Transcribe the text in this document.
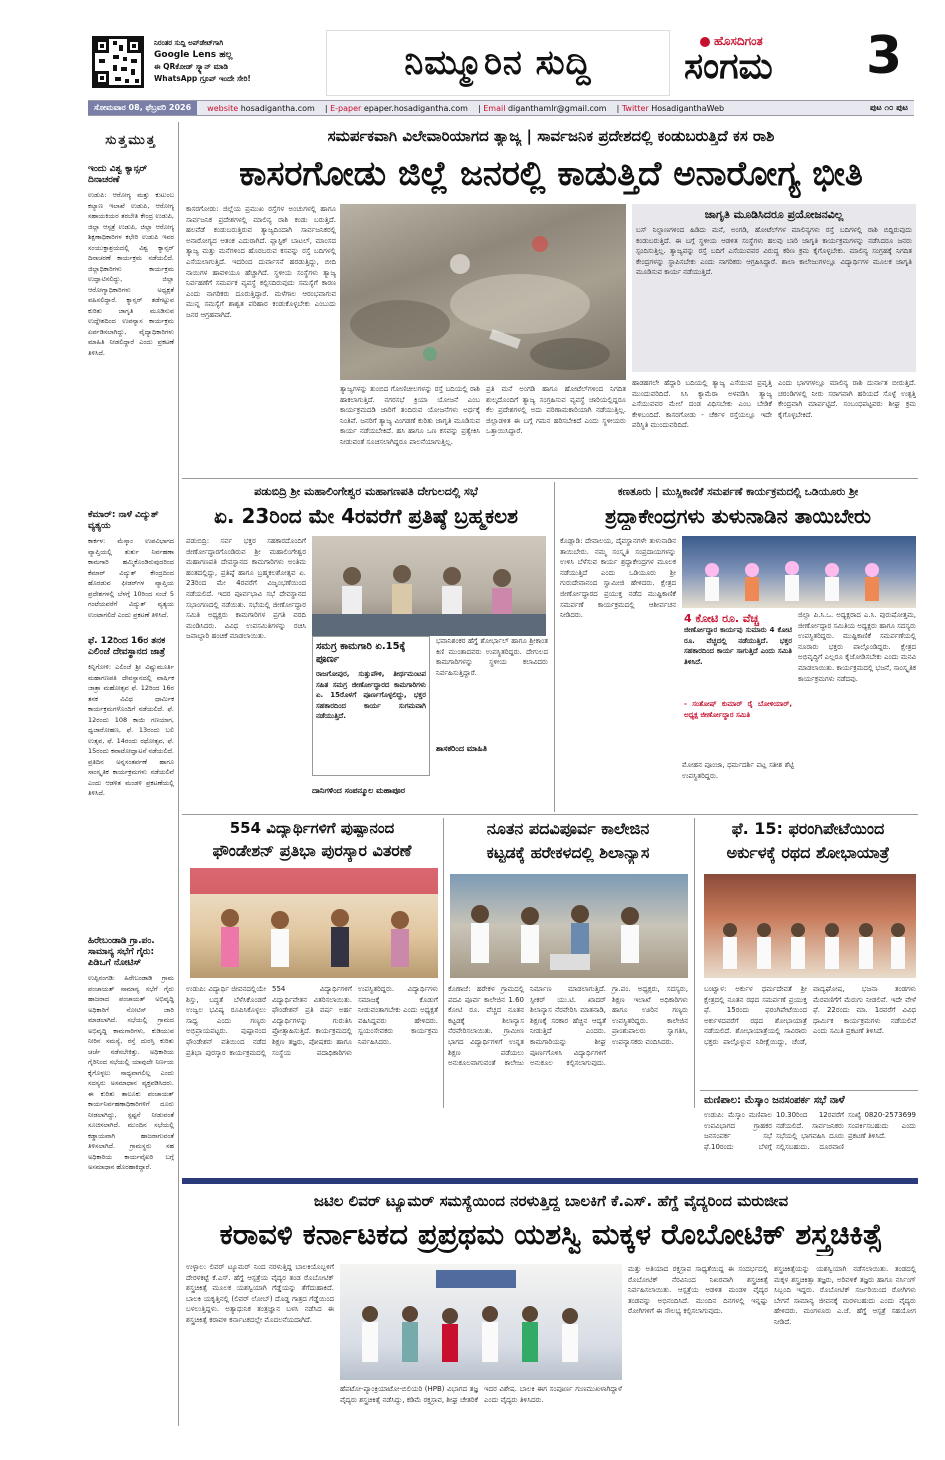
ನಿರಂತರ ಸುದ್ದಿ ಅಪ್‌ಡೇಟ್‌ಗಾಗಿ
Google Lens ಹಲ್ಲ
ಈ QRಕೋಡ್ ಸ್ಕ್ಯಾನ್ ಮಾಡಿ
WhatsApp ಗ್ರೂಪ್ ಇಂದೇ ಸೇರಿ!	ನಿಮ್ಮೂರಿನ ಸುದ್ದಿ
ಹೊಸದಿಗಂತ
ಸಂಗಮ 3
ಸೋಮವಾರ 08, ಫೆಬ್ರವರಿ 2026	website hosadigantha.com	| E-paper epaper.hosadigantha.com	| Email diganthamlr@gmail.com	| Twitter HosadiganthaWeb	ಪುಟ ೧೦ ಪುಟ
ಸುತ್ತಮುತ್ತ
ಇಂದು ವಿಶ್ವ ಕ್ಯಾನ್ಸರ್ ದಿನಾಚರಣೆ
ಉಡುಪಿ: ಆರೋಗ್ಯ ಮತ್ತು ಕುಟುಂಬ ಕಲ್ಯಾಣ ಇಲಾಖೆ ಉಡುಪಿ, ಆರೋಗ್ಯ ಸಹಾಯಕಿಯರ ತರಬೇತಿ ಕೇಂದ್ರ ಉಡುಪಿ, ಜಿಲ್ಲಾ ಆಸ್ಪತ್ರೆ ಉಡುಪಿ, ಜಿಲ್ಲಾ ಆರೋಗ್ಯ ಶಿಕ್ಷಣಾಧಿಕಾರಿಗಳ ಕಛೇರಿ ಉಡುಪಿ ಇವರ ಸಂಯುಕ್ತಾಶ್ರಯದಲ್ಲಿ ವಿಶ್ವ ಕ್ಯಾನ್ಸರ್ ದಿನಾಚರಣೆ ಕಾರ್ಯಕ್ರಮ ನಡೆಯಲಿದೆ. ಜಿಲ್ಲಾಧಿಕಾರಿಗಳು ಕಾರ್ಯಕ್ರಮ ಉದ್ಘಾಟಿಸಲಿದ್ದು, ಜಿಲ್ಲಾ ಆರೋಗ್ಯಾಧಿಕಾರಿಗಳು ಅಧ್ಯಕ್ಷತೆ ವಹಿಸಲಿದ್ದಾರೆ. ಕ್ಯಾನ್ಸರ್ ತಡೆಗಟ್ಟುವ ಕುರಿತು ಜಾಗೃತಿ ಮೂಡಿಸುವ ಉದ್ದೇಶದಿಂದ ಉಪನ್ಯಾಸ ಕಾರ್ಯಕ್ರಮ ಏರ್ಪಡಿಸಲಾಗಿದ್ದು, ವೈದ್ಯಾಧಿಕಾರಿಗಳು ಮಾಹಿತಿ ನೀಡಲಿದ್ದಾರೆ ಎಂದು ಪ್ರಕಟಣೆ ತಿಳಿಸಿದೆ.
ಕೆಮಾರ್: ನಾಳೆ ವಿದ್ಯುತ್ ವ್ಯತ್ಯಯ
ಕಾರ್ಕಳ: ಮೆಸ್ಕಾಂ ಉಪವಿಭಾಗದ ವ್ಯಾಪ್ತಿಯಲ್ಲಿ ತುರ್ತು ನಿರ್ವಹಣಾ ಕಾಮಗಾರಿ ಹಮ್ಮಿಕೊಂಡಿರುವುದರಿಂದ ಕೆಮಾರ್ ವಿದ್ಯುತ್ ಕೇಂದ್ರದಿಂದ ಹೊರಡುವ ಫೀಡರ್‌ಗಳ ವ್ಯಾಪ್ತಿಯ ಪ್ರದೇಶಗಳಲ್ಲಿ ಬೆಳಗ್ಗೆ 10ರಿಂದ ಸಂಜೆ 5 ಗಂಟೆಯವರೆಗೆ ವಿದ್ಯುತ್ ವ್ಯತ್ಯಯ ಉಂಟಾಗಲಿದೆ ಎಂದು ಪ್ರಕಟಣೆ ತಿಳಿಸಿದೆ.
ಫೆ. 12ರಿಂದ 16ರ ತನಕ ಎಲಿಂಜೆ ದೇವಸ್ಥಾನದ ಜಾತ್ರೆ
ಕಿನ್ನಿಗೋಳಿ: ಎಲಿಂಜೆ ಶ್ರೀ ವಿಷ್ಣುಮೂರ್ತಿ ಮಹಾಗಣಪತಿ ದೇವಸ್ಥಾನದಲ್ಲಿ ವಾರ್ಷಿಕ ಜಾತ್ರಾ ಮಹೋತ್ಸವ ಫೆ. 12ರಿಂದ 16ರ ತನಕ ವಿವಿಧ ಧಾರ್ಮಿಕ ಕಾರ್ಯಕ್ರಮಗಳೊಂದಿಗೆ ನಡೆಯಲಿದೆ. ಫೆ. 12ರಂದು 108 ಕಾಯಿ ಗಣಯಾಗ, ಧ್ವಜಾರೋಹಣ, ಫೆ. 13ರಂದು ಬಲಿ ಉತ್ಸವ, ಫೆ. 14ರಂದು ರಥೋತ್ಸವ, ಫೆ. 15ರಂದು ಕವಾಟೋದ್ಘಾಟನೆ ನಡೆಯಲಿದೆ. ಪ್ರತಿದಿನ ಅನ್ನಸಂತರ್ಪಣೆ ಹಾಗೂ ಸಾಂಸ್ಕೃತಿಕ ಕಾರ್ಯಕ್ರಮಗಳು ನಡೆಯಲಿವೆ ಎಂದು ಆಡಳಿತ ಮಂಡಳಿ ಪ್ರಕಟಣೆಯಲ್ಲಿ ತಿಳಿಸಿದೆ.
ಹಿರೇಬಂಡಾಡಿ ಗ್ರಾ.ಪಂ. ಸಾಮಾನ್ಯ ಸಭೆಗೆ ಗೈರು: ಪಿಡಿಒಗೆ ನೋಟಿಸ್
ಉಪ್ಪಿನಂಗಡಿ: ಹಿರೇಬಂಡಾಡಿ ಗ್ರಾಮ ಪಂಚಾಯತ್ ಸಾಮಾನ್ಯ ಸಭೆಗೆ ಗೈರು ಹಾಜರಾದ ಪಂಚಾಯತ್ ಅಭಿವೃದ್ಧಿ ಅಧಿಕಾರಿಗೆ ನೋಟಿಸ್ ಜಾರಿ ಮಾಡಲಾಗಿದೆ. ಸಭೆಯಲ್ಲಿ ಗ್ರಾಮದ ಅಭಿವೃದ್ಧಿ ಕಾಮಗಾರಿಗಳು, ಕುಡಿಯುವ ನೀರಿನ ಸಮಸ್ಯೆ, ರಸ್ತೆ ದುರಸ್ತಿ ಕುರಿತು ಚರ್ಚೆ ನಡೆಸಬೇಕಿತ್ತು. ಅಧಿಕಾರಿಯ ಗೈರಿನಿಂದ ಸಭೆಯಲ್ಲಿ ಯಾವುದೇ ನಿರ್ಣಯ ಕೈಗೊಳ್ಳಲು ಸಾಧ್ಯವಾಗಲಿಲ್ಲ ಎಂದು ಸದಸ್ಯರು ಅಸಮಾಧಾನ ವ್ಯಕ್ತಪಡಿಸಿದರು. ಈ ಕುರಿತು ತಾಲೂಕು ಪಂಚಾಯತ್ ಕಾರ್ಯನಿರ್ವಹಣಾಧಿಕಾರಿಗಳಿಗೆ ದೂರು ನೀಡಲಾಗಿದ್ದು, ಸ್ಪಷ್ಟನೆ ನೀಡುವಂತೆ ಸೂಚಿಸಲಾಗಿದೆ. ಮುಂದಿನ ಸಭೆಯಲ್ಲಿ ಕಡ್ಡಾಯವಾಗಿ ಹಾಜರಾಗುವಂತೆ ತಿಳಿಸಲಾಗಿದೆ. ಗ್ರಾಮಸ್ಥರು ಸಹ ಅಧಿಕಾರಿಯ ಕಾರ್ಯವೈಖರಿ ಬಗ್ಗೆ ಅಸಮಾಧಾನ ಹೊರಹಾಕಿದ್ದಾರೆ.
ಸಮರ್ಪಕವಾಗಿ ವಿಲೇವಾರಿಯಾಗದ ತ್ಯಾಜ್ಯ | ಸಾರ್ವಜನಿಕ ಪ್ರದೇಶದಲ್ಲಿ ಕಂಡುಬರುತ್ತಿದೆ ಕಸ ರಾಶಿ
ಕಾಸರಗೋಡು ಜಿಲ್ಲೆ ಜನರಲ್ಲಿ ಕಾಡುತ್ತಿದೆ ಅನಾರೋಗ್ಯ ಭೀತಿ
ಕಾಸರಗೋಡು: ಜಿಲ್ಲೆಯ ಪ್ರಮುಖ ರಸ್ತೆಗಳ ಅಂಚುಗಳಲ್ಲಿ ಹಾಗೂ ಸಾರ್ವಜನಿಕ ಪ್ರದೇಶಗಳಲ್ಲಿ ಮಾಲಿನ್ಯ ರಾಶಿ ಕಂಡು ಬರುತ್ತಿದೆ. ಹಲವೆಡೆ ಕಂಡುಬರುತ್ತಿರುವ ತ್ಯಾಜ್ಯದಿಂದಾಗಿ ಸಾರ್ವಜನಿಕರಲ್ಲಿ ಅನಾರೋಗ್ಯದ ಆತಂಕ ಎದುರಾಗಿದೆ. ಪ್ಲಾಸ್ಟಿಕ್ ಬಾಟಲ್, ಮಾಂಸದ ತ್ಯಾಜ್ಯ ಮತ್ತು ಮನೆಗಳಿಂದ ಹೊರಬರುವ ಕಸವನ್ನು ರಸ್ತೆ ಬದಿಗಳಲ್ಲಿ ಎಸೆಯಲಾಗುತ್ತಿದೆ. ಇದರಿಂದ ದುರ್ವಾಸನೆ ಹರಡುತ್ತಿದ್ದು, ಬೀದಿ ನಾಯಿಗಳ ಹಾವಳಿಯೂ ಹೆಚ್ಚಾಗಿದೆ. ಸ್ಥಳೀಯ ಸಂಸ್ಥೆಗಳು ತ್ಯಾಜ್ಯ ನಿರ್ವಹಣೆಗೆ ಸಮರ್ಪಕ ವ್ಯವಸ್ಥೆ ಕಲ್ಪಿಸದಿರುವುದು ಸಮಸ್ಯೆಗೆ ಕಾರಣ ಎಂದು ನಾಗರಿಕರು ದೂರುತ್ತಿದ್ದಾರೆ. ಮಳೆಗಾಲ ಆರಂಭವಾಗುವ ಮುನ್ನ ಸಮಸ್ಯೆಗೆ ಶಾಶ್ವತ ಪರಿಹಾರ ಕಂಡುಕೊಳ್ಳಬೇಕು ಎಂಬುದು ಜನರ ಆಗ್ರಹವಾಗಿದೆ.
ಜಾಗೃತಿ ಮೂಡಿಸಿದರೂ ಪ್ರಯೋಜನವಿಲ್ಲ
ಬಸ್ ನಿಲ್ದಾಣಗಳಿಂದ ಹಿಡಿದು ಮನೆ, ಅಂಗಡಿ, ಹೋಟೆಲ್‌ಗಳ ಮಾಲಿನ್ಯಗಳು ರಸ್ತೆ ಬದಿಗಳಲ್ಲಿ ರಾಶಿ ಬಿದ್ದಿರುವುದು ಕಂಡುಬರುತ್ತಿದೆ. ಈ ಬಗ್ಗೆ ಸ್ಥಳೀಯ ಆಡಳಿತ ಸಂಸ್ಥೆಗಳು ಹಲವು ಬಾರಿ ಜಾಗೃತಿ ಕಾರ್ಯಕ್ರಮಗಳನ್ನು ನಡೆಸಿದರೂ ಜನರು ಸ್ಪಂದಿಸುತ್ತಿಲ್ಲ. ತ್ಯಾಜ್ಯವನ್ನು ರಸ್ತೆ ಬದಿಗೆ ಎಸೆಯುವವರ ವಿರುದ್ಧ ಕಠಿಣ ಕ್ರಮ ಕೈಗೊಳ್ಳಬೇಕು. ಮಾಲಿನ್ಯ ಸಂಗ್ರಹಕ್ಕೆ ನಿಗದಿತ ಕೇಂದ್ರಗಳನ್ನು ಸ್ಥಾಪಿಸಬೇಕು ಎಂದು ನಾಗರಿಕರು ಆಗ್ರಹಿಸಿದ್ದಾರೆ. ಶಾಲಾ ಕಾಲೇಜುಗಳಲ್ಲೂ ವಿದ್ಯಾರ್ಥಿಗಳ ಮೂಲಕ ಜಾಗೃತಿ ಮೂಡಿಸುವ ಕಾರ್ಯ ನಡೆಯುತ್ತಿದೆ.
ತ್ಯಾಜ್ಯಗಳನ್ನು ತುಂಬಿದ ಗೋಣಿಚೀಲಗಳನ್ನು ರಸ್ತೆ ಬದಿಯಲ್ಲಿ ರಾಶಿ ಹಾಕಲಾಗುತ್ತಿದೆ. ನಗರಸಭೆ ಕ್ರಿಯಾ ಯೋಜನೆ ಎಂಬ ಕಾರ್ಯಕ್ರಮದಡಿ ಜಾರಿಗೆ ತಂದಿರುವ ಯೋಜನೆಗಳು ಅರ್ಧಕ್ಕೆ ನಿಂತಿವೆ. ಜನರಿಗೆ ತ್ಯಾಜ್ಯ ವಿಂಗಡಣೆ ಕುರಿತು ಜಾಗೃತಿ ಮೂಡಿಸುವ ಕಾರ್ಯ ನಡೆಯಬೇಕಿದೆ. ಹಸಿ ಹಾಗೂ ಒಣ ಕಸವನ್ನು ಪ್ರತ್ಯೇಕಿಸಿ ನೀಡುವಂತೆ ಸೂಚಿಸಲಾಗಿದ್ದರೂ ಪಾಲನೆಯಾಗುತ್ತಿಲ್ಲ.
ಪ್ರತಿ ಮನೆ ಅಂಗಡಿ ಹಾಗೂ ಹೋಟೆಲ್‌ಗಳಿಂದ ನಿಗದಿತ ಶುಲ್ಕದೊಂದಿಗೆ ತ್ಯಾಜ್ಯ ಸಂಗ್ರಹಿಸುವ ವ್ಯವಸ್ಥೆ ಜಾರಿಯಲ್ಲಿದ್ದರೂ ಕೆಲ ಪ್ರದೇಶಗಳಲ್ಲಿ ಅದು ಪರಿಣಾಮಕಾರಿಯಾಗಿ ನಡೆಯುತ್ತಿಲ್ಲ. ಜಿಲ್ಲಾಡಳಿತ ಈ ಬಗ್ಗೆ ಗಮನ ಹರಿಸಬೇಕಿದೆ ಎಂದು ಸ್ಥಳೀಯರು ಒತ್ತಾಯಿಸಿದ್ದಾರೆ.
ಹಾಡಹಗಲೇ ಹೆದ್ದಾರಿ ಬದಿಯಲ್ಲಿ ತ್ಯಾಜ್ಯ ಎಸೆಯುವ ಪ್ರವೃತ್ತಿ ಮುಂದುವರಿದಿದೆ. ಸಿಸಿ ಕ್ಯಾಮೆರಾ ಅಳವಡಿಸಿ ತ್ಯಾಜ್ಯ ಎಸೆಯುವವರ ಮೇಲೆ ದಂಡ ವಿಧಿಸಬೇಕು ಎಂಬ ಬೇಡಿಕೆ ಕೇಳಿಬಂದಿದೆ. ಕಾಸರಗೋಡು - ಚೆರ್ಕಳ ರಸ್ತೆಯಲ್ಲೂ ಇದೇ ಪರಿಸ್ಥಿತಿ ಮುಂದುವರಿದಿದೆ.
ಎಂದು ಭಾಗಗಳಲ್ಲೂ ಮಾಲಿನ್ಯ ರಾಶಿ ದುರ್ನಾತ ಬೀರುತ್ತಿದೆ. ಚರಂಡಿಗಳಲ್ಲಿ ನೀರು ಸರಾಗವಾಗಿ ಹರಿಯದೆ ಸೊಳ್ಳೆ ಉತ್ಪತ್ತಿ ಕೇಂದ್ರವಾಗಿ ಮಾರ್ಪಟ್ಟಿದೆ. ಸಂಬಂಧಪಟ್ಟವರು ಶೀಘ್ರ ಕ್ರಮ ಕೈಗೊಳ್ಳಬೇಕಿದೆ.
ಪಡುಬಿದ್ರಿ ಶ್ರೀ ಮಹಾಲಿಂಗೇಶ್ವರ ಮಹಾಗಣಪತಿ ದೇಗುಲದಲ್ಲಿ ಸಭೆ
ಏ. 23ರಿಂದ ಮೇ 4ರವರೆಗೆ ಪ್ರತಿಷ್ಠೆ ಬ್ರಹ್ಮಕಲಶ
ಪಡುಬಿದ್ರಿ: ಸರ್ವ ಭಕ್ತರ ಸಹಕಾರದೊಂದಿಗೆ ಜೀರ್ಣೋದ್ಧಾರಗೊಂಡಿರುವ ಶ್ರೀ ಮಹಾಲಿಂಗೇಶ್ವರ ಮಹಾಗಣಪತಿ ದೇವಸ್ಥಾನದ ಕಾಮಗಾರಿಗಳು ಅಂತಿಮ ಹಂತದಲ್ಲಿದ್ದು, ಪ್ರತಿಷ್ಠೆ ಹಾಗೂ ಬ್ರಹ್ಮಕಲಶೋತ್ಸವ ಏ. 23ರಿಂದ ಮೇ 4ರವರೆಗೆ ವಿಜೃಂಭಣೆಯಿಂದ ನಡೆಯಲಿದೆ. ಇದರ ಪೂರ್ವಭಾವಿ ಸಭೆ ದೇವಸ್ಥಾನದ ಸಭಾಂಗಣದಲ್ಲಿ ನಡೆಯಿತು. ಸಭೆಯಲ್ಲಿ ಜೀರ್ಣೋದ್ಧಾರ ಸಮಿತಿ ಅಧ್ಯಕ್ಷರು ಕಾಮಗಾರಿಗಳ ಪ್ರಗತಿ ವರದಿ ಮಂಡಿಸಿದರು. ವಿವಿಧ ಉಪಸಮಿತಿಗಳನ್ನು ರಚಿಸಿ ಜವಾಬ್ದಾರಿ ಹಂಚಿಕೆ ಮಾಡಲಾಯಿತು.
ಸಮಗ್ರ ಕಾಮಗಾರಿ ಏ.15ಕ್ಕೆ ಪೂರ್ಣ
ರಾಜಗೋಪುರ, ಸುತ್ತುಪೌಳಿ, ತೀರ್ಥಮಂಟಪ ಸಹಿತ ಸಮಗ್ರ ಜೀರ್ಣೋದ್ಧಾರದ ಕಾಮಗಾರಿಗಳು ಏ. 15ರೊಳಗೆ ಪೂರ್ಣಗೊಳ್ಳಲಿದ್ದು, ಭಕ್ತರ ಸಹಕಾರದಿಂದ ಕಾರ್ಯ ಸುಗಮವಾಗಿ ನಡೆಯುತ್ತಿದೆ.
ಭವಾನಿಶಂಕರ ಹೆಗ್ಡೆ ಶೋರ್ಭಾಲ್ ಹಾಗೂ ಶ್ರೀಕಾಂತ ಕಿಣಿ ಮುಂತಾದವರು ಉಪಸ್ಥಿತರಿದ್ದರು. ದೇಗುಲದ ಕಾಮಗಾರಿಗಳನ್ನು ಸ್ಥಳೀಯ ಕಲಾವಿದರು ನಿರ್ವಹಿಸುತ್ತಿದ್ದಾರೆ.
ದಾನಿಗಳಿಂದ ಸಂಪನ್ಮೂಲ ಮಹಾಪೂರ
ಶಾಸಕರಿಂದ ಮಾಹಿತಿ
ಕಣತೂರು | ಮುಸ್ಲಿಕಾಣಿಕೆ ಸಮರ್ಪಣೆ ಕಾರ್ಯಕ್ರಮದಲ್ಲಿ ಒಡಿಯೂರು ಶ್ರೀ
ಶ್ರದ್ಧಾಕೇಂದ್ರಗಳು ತುಳುನಾಡಿನ ತಾಯಿಬೇರು
ಕೊಡ್ಲಾಡಿ: ದೇವಾಲಯ, ದೈವಸ್ಥಾನಗಳೇ ತುಳುನಾಡಿನ ತಾಯಿಬೇರು. ನಮ್ಮ ಸಂಸ್ಕೃತಿ ಸಂಪ್ರದಾಯಗಳನ್ನು ಉಳಿಸಿ ಬೆಳೆಸುವ ಕಾರ್ಯ ಶ್ರದ್ಧಾಕೇಂದ್ರಗಳ ಮೂಲಕ ನಡೆಯುತ್ತಿದೆ ಎಂದು ಒಡಿಯೂರು ಶ್ರೀ ಗುರುದೇವಾನಂದ ಸ್ವಾಮೀಜಿ ಹೇಳಿದರು. ಕ್ಷೇತ್ರದ ಜೀರ್ಣೋದ್ಧಾರದ ಪ್ರಯುಕ್ತ ನಡೆದ ಮುಷ್ಟಿಕಾಣಿಕೆ ಸಮರ್ಪಣೆ ಕಾರ್ಯಕ್ರಮದಲ್ಲಿ ಆಶೀರ್ವಚನ ನೀಡಿದರು.	4 ಕೋಟಿ ರೂ. ವೆಚ್ಚ
ಜೀರ್ಣೋದ್ಧಾರ ಕಾರ್ಯವು ಸುಮಾರು 4 ಕೋಟಿ ರೂ. ವೆಚ್ಚದಲ್ಲಿ ನಡೆಯುತ್ತಿದೆ. ಭಕ್ತರ ಸಹಕಾರದಿಂದ ಕಾರ್ಯ ಸಾಗುತ್ತಿದೆ ಎಂದು ಸಮಿತಿ ತಿಳಿಸಿದೆ.
- ಸಂತೋಷ್ ಕುಮಾರ್ ರೈ ಬೋಳಿಯಾರ್, ಅಧ್ಯಕ್ಷ ಜೀರ್ಣೋದ್ಧಾರ ಸಮಿತಿ
ಜಿಲ್ಲಾ ಪಿ.ಸಿ.ಒ. ಅಧ್ಯಕ್ಷರಾದ ಎ.ಸಿ. ಪುರುಷೋತ್ತಮ, ಜೀರ್ಣೋದ್ಧಾರ ಸಮಿತಿಯ ಅಧ್ಯಕ್ಷರು ಹಾಗೂ ಸದಸ್ಯರು ಉಪಸ್ಥಿತರಿದ್ದರು. ಮುಷ್ಟಿಕಾಣಿಕೆ ಸಮರ್ಪಣೆಯಲ್ಲಿ ನೂರಾರು ಭಕ್ತರು ಪಾಲ್ಗೊಂಡಿದ್ದರು. ಕ್ಷೇತ್ರದ ಅಭಿವೃದ್ಧಿಗೆ ಎಲ್ಲರೂ ಕೈಜೋಡಿಸಬೇಕು ಎಂದು ಮನವಿ ಮಾಡಲಾಯಿತು. ಕಾರ್ಯಕ್ರಮದಲ್ಲಿ ಭಜನೆ, ಸಾಂಸ್ಕೃತಿಕ ಕಾರ್ಯಕ್ರಮಗಳು ನಡೆದವು.
ಮೋಹನ ಪೂಂಜಾ, ಧರ್ಮದರ್ಶಿ ಪಟ್ಲ ಸತೀಶ ಶೆಟ್ಟಿ ಉಪಸ್ಥಿತರಿದ್ದರು.
554 ವಿದ್ಯಾರ್ಥಿಗಳಿಗೆ ಪುಷ್ಪಾನಂದ
ಫೌಂಡೇಶನ್ ಪ್ರತಿಭಾ ಪುರಸ್ಕಾರ ವಿತರಣೆ
ಉಡುಪಿ: ವಿದ್ಯಾರ್ಥಿ ಜೀವನದಲ್ಲಿಯೇ ಶಿಸ್ತು, ಬದ್ಧತೆ ಬೆಳೆಸಿಕೊಂಡರೆ ಉಜ್ವಲ ಭವಿಷ್ಯ ರೂಪಿಸಿಕೊಳ್ಳಲು ಸಾಧ್ಯ ಎಂದು ಗಣ್ಯರು ಅಭಿಪ್ರಾಯಪಟ್ಟರು. ಪುಷ್ಪಾನಂದ ಫೌಂಡೇಶನ್ ವತಿಯಿಂದ ನಡೆದ ಪ್ರತಿಭಾ ಪುರಸ್ಕಾರ ಕಾರ್ಯಕ್ರಮದಲ್ಲಿ 554 ವಿದ್ಯಾರ್ಥಿಗಳಿಗೆ ವಿದ್ಯಾರ್ಥಿವೇತನ ವಿತರಿಸಲಾಯಿತು. ಫೌಂಡೇಶನ್ ಪ್ರತಿ ವರ್ಷ ಅರ್ಹ ವಿದ್ಯಾರ್ಥಿಗಳನ್ನು ಗುರುತಿಸಿ ಪ್ರೋತ್ಸಾಹಿಸುತ್ತಿದೆ. ಕಾರ್ಯಕ್ರಮದಲ್ಲಿ ಶಿಕ್ಷಣ ತಜ್ಞರು, ಪೋಷಕರು ಹಾಗೂ ಸಂಸ್ಥೆಯ ಪದಾಧಿಕಾರಿಗಳು ಉಪಸ್ಥಿತರಿದ್ದರು. ವಿದ್ಯಾರ್ಥಿಗಳು ಸಮಾಜಕ್ಕೆ ಕೊಡುಗೆ ನೀಡುವಂತಾಗಬೇಕು ಎಂದು ಅಧ್ಯಕ್ಷತೆ ವಹಿಸಿದ್ದವರು ಹೇಳಿದರು. ಸ್ವಯಂಸೇವಕರು ಕಾರ್ಯಕ್ರಮ ನಿರ್ವಹಿಸಿದರು.
ನೂತನ ಪದವಿಪೂರ್ವ ಕಾಲೇಜಿನ
ಕಟ್ಟಡಕ್ಕೆ ಹರೇಕಳದಲ್ಲಿ ಶಿಲಾನ್ಯಾಸ
ಕೊಣಾಜೆ: ಹರೇಕಳ ಗ್ರಾಮದಲ್ಲಿ ಪದವಿ ಪೂರ್ವ ಕಾಲೇಜಿನ 1.60 ಕೋಟಿ ರೂ. ವೆಚ್ಚದ ನೂತನ ಕಟ್ಟಡಕ್ಕೆ ಶಿಲಾನ್ಯಾಸ ನೆರವೇರಿಸಲಾಯಿತು. ಗ್ರಾಮೀಣ ಭಾಗದ ವಿದ್ಯಾರ್ಥಿಗಳಿಗೆ ಉನ್ನತ ಶಿಕ್ಷಣ ಪಡೆಯಲು ಅನುಕೂಲವಾಗುವಂತೆ ಕಾಲೇಜು ನಿರ್ಮಾಣ ಮಾಡಲಾಗುತ್ತಿದೆ. ಸ್ಪೀಕರ್ ಯು.ಟಿ. ಖಾದರ್ ಶಿಲಾನ್ಯಾಸ ನೆರವೇರಿಸಿ ಮಾತನಾಡಿ, ಶಿಕ್ಷಣಕ್ಕೆ ಸರಕಾರ ಹೆಚ್ಚಿನ ಆದ್ಯತೆ ನೀಡುತ್ತಿದೆ ಎಂದರು. ಕಾಮಗಾರಿಯನ್ನು ಶೀಘ್ರ ಪೂರ್ಣಗೊಳಿಸಿ ವಿದ್ಯಾರ್ಥಿಗಳಿಗೆ ಅನುಕೂಲ ಕಲ್ಪಿಸಲಾಗುವುದು. ಗ್ರಾ.ಪಂ. ಅಧ್ಯಕ್ಷರು, ಸದಸ್ಯರು, ಶಿಕ್ಷಣ ಇಲಾಖೆ ಅಧಿಕಾರಿಗಳು ಹಾಗೂ ಊರಿನ ಗಣ್ಯರು ಉಪಸ್ಥಿತರಿದ್ದರು. ಕಾಲೇಜಿನ ಪ್ರಾಂಶುಪಾಲರು ಸ್ವಾಗತಿಸಿ, ಉಪನ್ಯಾಸಕರು ವಂದಿಸಿದರು.
ಫೆ. 15: ಫರಂಗಿಪೇಟೆಯಿಂದ
ಅರ್ಕುಳಕ್ಕೆ ರಥದ ಶೋಭಾಯಾತ್ರೆ
ಬಂಟ್ವಾಳ: ಅರ್ಕುಳ ಧರ್ಮದೇವತೆ ಶ್ರೀ ಕ್ಷೇತ್ರದಲ್ಲಿ ನೂತನ ರಥದ ಸಮರ್ಪಣೆ ಪ್ರಯುಕ್ತ ಫೆ. 15ರಂದು ಫರಂಗಿಪೇಟೆಯಿಂದ ಅರ್ಕುಳದವರೆಗೆ ರಥದ ಶೋಭಾಯಾತ್ರೆ ನಡೆಯಲಿದೆ. ಶೋಭಾಯಾತ್ರೆಯಲ್ಲಿ ಸಾವಿರಾರು ಭಕ್ತರು ಪಾಲ್ಗೊಳ್ಳುವ ನಿರೀಕ್ಷೆಯಿದ್ದು, ಚೆಂಡೆ, ವಾದ್ಯಘೋಷ, ಭಜನಾ ತಂಡಗಳು ಮೆರವಣಿಗೆಗೆ ಮೆರುಗು ನೀಡಲಿವೆ. ಇದೇ ವೇಳೆ ಫೆ. 22ರಂದು ಮಾ. 1ರವರೆಗೆ ವಿವಿಧ ಧಾರ್ಮಿಕ ಕಾರ್ಯಕ್ರಮಗಳು ನಡೆಯಲಿವೆ ಎಂದು ಸಮಿತಿ ಪ್ರಕಟಣೆ ತಿಳಿಸಿದೆ.
ಮಣಿಪಾಲ: ಮೆಸ್ಕಾಂ ಜನಸಂಪರ್ಕ ಸಭೆ ನಾಳೆ
ಉಡುಪಿ: ಮೆಸ್ಕಾಂ ಮಣಿಪಾಲ ಉಪವಿಭಾಗದ ಗ್ರಾಹಕರ ಜನಸಂಪರ್ಕ ಸಭೆ ಫೆ.10ರಂದು ಬೆಳಗ್ಗೆ 10.30ರಿಂದ 12ರವರೆಗೆ ನಡೆಯಲಿದೆ. ಸಾರ್ವಜನಿಕರು ಸಭೆಯಲ್ಲಿ ಭಾಗವಹಿಸಿ ದೂರು ಸಲ್ಲಿಸಬಹುದು. ದೂರವಾಣಿ ಸಂಖ್ಯೆ 0820-2573699 ಸಂಪರ್ಕಿಸಬಹುದು ಎಂದು ಪ್ರಕಟಣೆ ತಿಳಿಸಿದೆ.
ಜಟಿಲ ಲಿವರ್ ಟ್ಯೂಮರ್ ಸಮಸ್ಯೆಯಿಂದ ನರಳುತ್ತಿದ್ದ ಬಾಲಕಿಗೆ ಕೆ.ಎಸ್. ಹೆಗ್ಡೆ ವೈದ್ಯರಿಂದ ಮರುಜೀವ
ಕರಾವಳಿ ಕರ್ನಾಟಕದ ಪ್ರಪ್ರಥಮ ಯಶಸ್ವಿ ಮಕ್ಕಳ ರೊಬೋಟಿಕ್ ಶಸ್ತ್ರಚಿಕಿತ್ಸೆ
ಉಳ್ಳಾಲ: ಲಿವರ್ ಟ್ಯೂಮರ್ ನಿಂದ ನರಳುತ್ತಿದ್ದ ಬಾಲಕಿಯೊಬ್ಬಳಿಗೆ ದೇರಳಕಟ್ಟೆ ಕೆ.ಎಸ್. ಹೆಗ್ಡೆ ಆಸ್ಪತ್ರೆಯ ವೈದ್ಯರ ತಂಡ ರೊಬೋಟಿಕ್ ಶಸ್ತ್ರಚಿಕಿತ್ಸೆ ಮೂಲಕ ಯಶಸ್ವಿಯಾಗಿ ಗೆಡ್ಡೆಯನ್ನು ತೆಗೆದುಹಾಕಿದೆ. ಬಾಲಕಿ ಯಕೃತ್ತಿನಲ್ಲಿ (ಲಿವರ್ ಲೋಬ್) ದೊಡ್ಡ ಗಾತ್ರದ ಗೆಡ್ಡೆಯಿಂದ ಬಳಲುತ್ತಿದ್ದಳು. ಅತ್ಯಾಧುನಿಕ ತಂತ್ರಜ್ಞಾನ ಬಳಸಿ ನಡೆಸಿದ ಈ ಶಸ್ತ್ರಚಿಕಿತ್ಸೆ ಕರಾವಳಿ ಕರ್ನಾಟಕದಲ್ಲೇ ಮೊದಲನೆಯದಾಗಿದೆ.
ಹೆಪಟೋ-ಪ್ಯಾಂಕ್ರಿಯಾಟೋ-ಬಿಲಿಯರಿ (HPB) ವಿಭಾಗದ ತಜ್ಞ ವೈದ್ಯರು ಶಸ್ತ್ರಚಿಕಿತ್ಸೆ ನಡೆಸಿದ್ದು, ಕಡಿಮೆ ರಕ್ತಸ್ರಾವ, ಶೀಘ್ರ ಚೇತರಿಕೆ ಇದರ ವಿಶೇಷ. ಬಾಲಕಿ ಈಗ ಸಂಪೂರ್ಣ ಗುಣಮುಖಳಾಗಿದ್ದಾಳೆ ಎಂದು ವೈದ್ಯರು ತಿಳಿಸಿದರು.
ಮತ್ತು ಅತಿಯಾದ ರಕ್ತಸ್ರಾವ ಸಾಧ್ಯತೆಯಿದ್ದ ಈ ಸಂದರ್ಭದಲ್ಲಿ ರೊಬೋಟಿಕ್ ನೆರವಿನಿಂದ ನಿಖರವಾಗಿ ಶಸ್ತ್ರಚಿಕಿತ್ಸೆ ನಿರ್ವಹಿಸಲಾಯಿತು. ಆಸ್ಪತ್ರೆಯ ಆಡಳಿತ ಮಂಡಳಿ ವೈದ್ಯರ ತಂಡವನ್ನು ಅಭಿನಂದಿಸಿದೆ. ಮುಂದಿನ ದಿನಗಳಲ್ಲಿ ಇನ್ನಷ್ಟು ರೋಗಿಗಳಿಗೆ ಈ ಸೌಲಭ್ಯ ಕಲ್ಪಿಸಲಾಗುವುದು.
ಶಸ್ತ್ರಚಿಕಿತ್ಸೆಯನ್ನು ಯಶಸ್ವಿಯಾಗಿ ನಡೆಸಲಾಯಿತು. ತಂಡದಲ್ಲಿ ಮಕ್ಕಳ ಶಸ್ತ್ರಚಿಕಿತ್ಸಾ ತಜ್ಞರು, ಅರಿವಳಿಕೆ ತಜ್ಞರು ಹಾಗೂ ನರ್ಸಿಂಗ್ ಸಿಬ್ಬಂದಿ ಇದ್ದರು. ರೊಬೋಟಿಕ್ ಸರ್ಜರಿಯಿಂದ ರೋಗಿಗಳು ಬೇಗನೆ ಸಾಮಾನ್ಯ ಜೀವನಕ್ಕೆ ಮರಳಬಹುದು ಎಂದು ವೈದ್ಯರು ಹೇಳಿದರು. ಮಂಗಳೂರು ಎ.ಜೆ. ಹೆಗ್ಡೆ ಆಸ್ಪತ್ರೆ ಸಹಯೋಗ ನೀಡಿದೆ.
